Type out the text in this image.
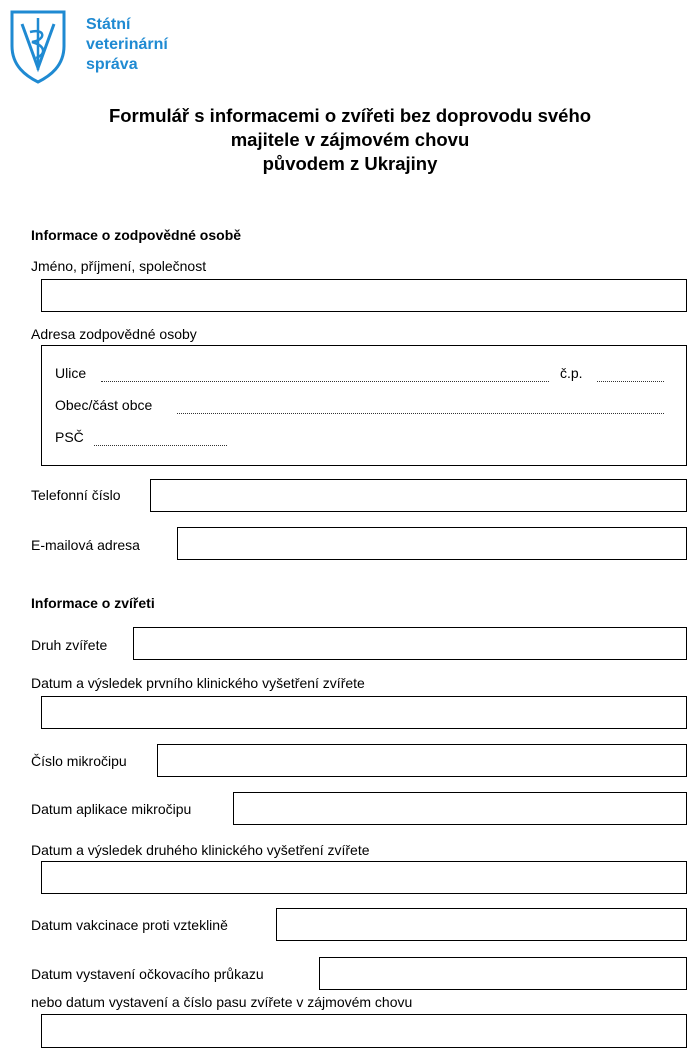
Státní
veterinární
správa
Formulář s informacemi o zvířeti bez doprovodu svého
majitele v zájmovém chovu
původem z Ukrajiny
Informace o zodpovědné osobě
Jméno, příjmení, společnost
Adresa zodpovědné osoby
Ulice	č.p.
Obec/část obce
PSČ
Telefonní číslo
E-mailová adresa
Informace o zvířeti
Druh zvířete
Datum a výsledek prvního klinického vyšetření zvířete
Číslo mikročipu
Datum aplikace mikročipu
Datum a výsledek druhého klinického vyšetření zvířete
Datum vakcinace proti vzteklině
Datum vystavení očkovacího průkazu
nebo datum vystavení a číslo pasu zvířete v zájmovém chovu
